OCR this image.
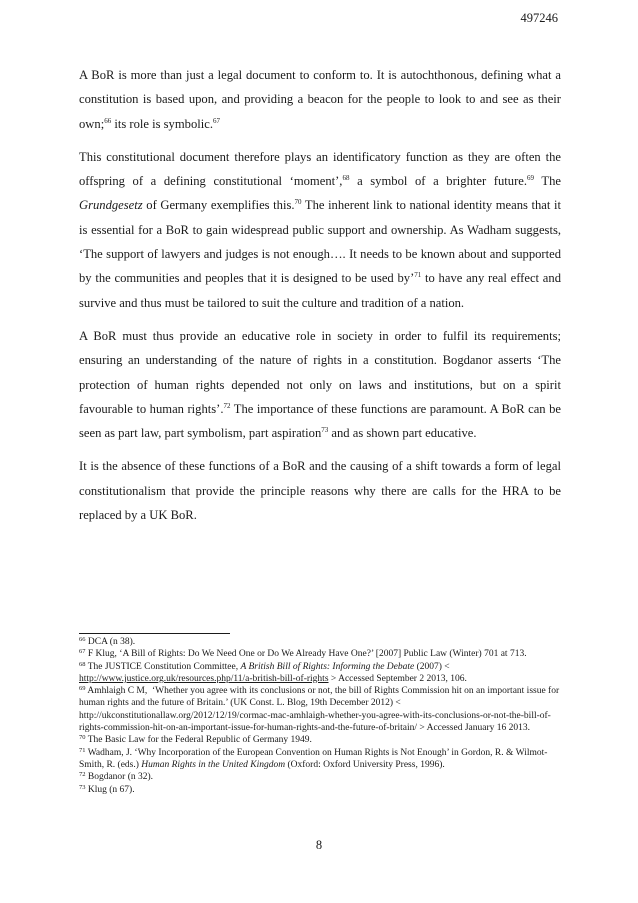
497246

A BoR is more than just a legal document to conform to. It is autochthonous, defining what a constitution is based upon, and providing a beacon for the people to look to and see as their own;$^{66}$ its role is symbolic.$^{67}$

This constitutional document therefore plays an identificatory function as they are often the offspring of a defining constitutional ‘moment’,$^{68}$ a symbol of a brighter future.$^{69}$ The Grundgesetz of Germany exemplifies this.$^{70}$ The inherent link to national identity means that it is essential for a BoR to gain widespread public support and ownership. As Wadham suggests, ‘The support of lawyers and judges is not enough…. It needs to be known about and supported by the communities and peoples that it is designed to be used by’$^{71}$ to have any real effect and survive and thus must be tailored to suit the culture and tradition of a nation.

A BoR must thus provide an educative role in society in order to fulfil its requirements; ensuring an understanding of the nature of rights in a constitution. Bogdanor asserts ‘The protection of human rights depended not only on laws and institutions, but on a spirit favourable to human rights’.$^{72}$ The importance of these functions are paramount. A BoR can be seen as part law, part symbolism, part aspiration$^{73}$ and as shown part educative.

It is the absence of these functions of a BoR and the causing of a shift towards a form of legal constitutionalism that provide the principle reasons why there are calls for the HRA to be replaced by a UK BoR.

$^{66}$ DCA (n 38).

$^{67}$ F Klug, ‘A Bill of Rights: Do We Need One or Do We Already Have One?’ [2007] Public Law (Winter) 701 at 713.

$^{68}$ The JUSTICE Constitution Committee, A British Bill of Rights: Informing the Debate (2007) < http://www.justice.org.uk/resources.php/11/a-british-bill-of-rights > Accessed September 2 2013, 106.

$^{69}$ Amhlaigh C M,  ‘Whether you agree with its conclusions or not, the bill of Rights Commission hit on an important issue for human rights and the future of Britain.’ (UK Const. L. Blog, 19th December 2012) < http://ukconstitutionallaw.org/2012/12/19/cormac-mac-amhlaigh-whether-you-agree-with-its-conclusions-or-not-the-bill-of-rights-commission-hit-on-an-important-issue-for-human-rights-and-the-future-of-britain/ > Accessed January 16 2013.

$^{70}$ The Basic Law for the Federal Republic of Germany 1949.

$^{71}$ Wadham, J. ‘Why Incorporation of the European Convention on Human Rights is Not Enough’ in Gordon, R. & Wilmot-Smith, R. (eds.) Human Rights in the United Kingdom (Oxford: Oxford University Press, 1996).

$^{72}$ Bogdanor (n 32).

$^{73}$ Klug (n 67).

8
